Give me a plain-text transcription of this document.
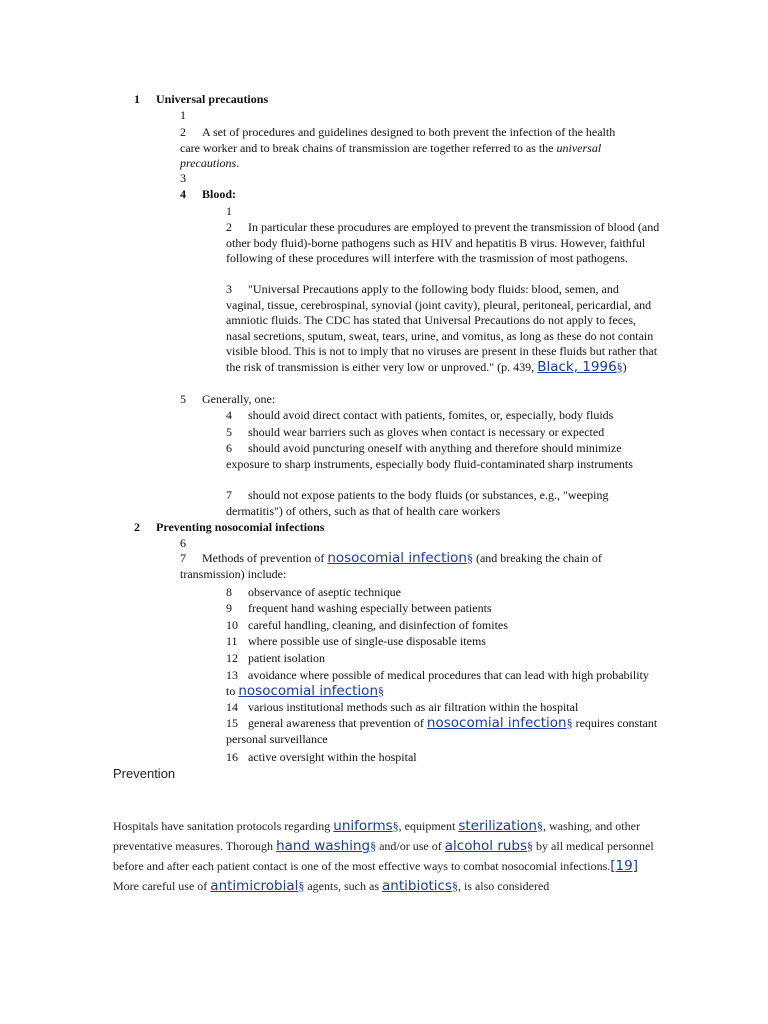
1 Universal precautions
1
2 A set of procedures and guidelines designed to both prevent the infection of the health care worker and to break chains of transmission are together referred to as the universal precautions.
3
4 Blood:
1
2 In particular these procudures are employed to prevent the transmission of blood (and other body fluid)-borne pathogens such as HIV and hepatitis B virus. However, faithful following of these procedures will interfere with the trasmission of most pathogens.
3 "Universal Precautions apply to the following body fluids: blood, semen, and vaginal, tissue, cerebrospinal, synovial (joint cavity), pleural, peritoneal, pericardial, and amniotic fluids. The CDC has stated that Universal Precautions do not apply to feces, nasal secretions, sputum, sweat, tears, urine, and vomitus, as long as these do not contain visible blood. This is not to imply that no viruses are present in these fluids but rather that the risk of transmission is either very low or unproved." (p. 439, Black, 1996§)
5 Generally, one:
4 should avoid direct contact with patients, fomites, or, especially, body fluids
5 should wear barriers such as gloves when contact is necessary or expected
6 should avoid puncturing oneself with anything and therefore should minimize exposure to sharp instruments, especially body fluid-contaminated sharp instruments
7 should not expose patients to the body fluids (or substances, e.g., "weeping dermatitis") of others, such as that of health care workers
2 Preventing nosocomial infections
6
7 Methods of prevention of nosocomial infection§ (and breaking the chain of transmission) include:
8 observance of aseptic technique
9 frequent hand washing especially between patients
10 careful handling, cleaning, and disinfection of fomites
11 where possible use of single-use disposable items
12 patient isolation
13 avoidance where possible of medical procedures that can lead with high probability to nosocomial infection§
14 various institutional methods such as air filtration within the hospital
15 general awareness that prevention of nosocomial infection§ requires constant personal surveillance
16 active oversight within the hospital
Prevention
Hospitals have sanitation protocols regarding uniforms§, equipment sterilization§, washing, and other preventative measures. Thorough hand washing§ and/or use of alcohol rubs§ by all medical personnel before and after each patient contact is one of the most effective ways to combat nosocomial infections.[19] More careful use of antimicrobial§ agents, such as antibiotics§, is also considered
